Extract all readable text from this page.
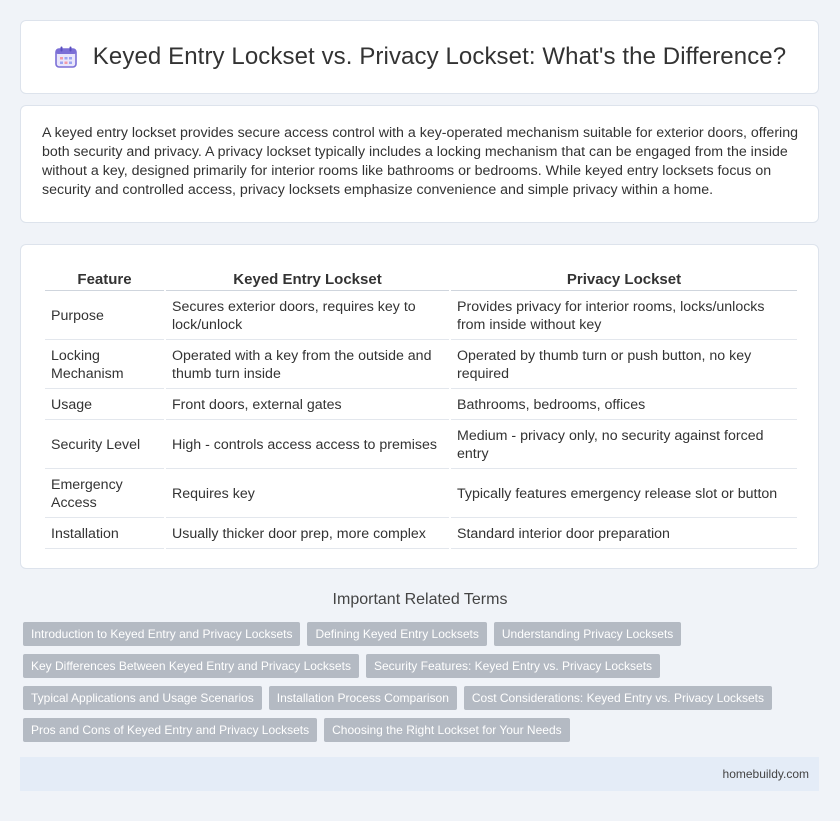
Keyed Entry Lockset vs. Privacy Lockset: What's the Difference?

A keyed entry lockset provides secure access control with a key-operated mechanism suitable for exterior doors, offering both security and privacy. A privacy lockset typically includes a locking mechanism that can be engaged from the inside without a key, designed primarily for interior rooms like bathrooms or bedrooms. While keyed entry locksets focus on security and controlled access, privacy locksets emphasize convenience and simple privacy within a home.

Feature	Keyed Entry Lockset	Privacy Lockset
Purpose	Secures exterior doors, requires key to lock/unlock	Provides privacy for interior rooms, locks/unlocks from inside without key
Locking Mechanism	Operated with a key from the outside and thumb turn inside	Operated by thumb turn or push button, no key required
Usage	Front doors, external gates	Bathrooms, bedrooms, offices
Security Level	High - controls access access to premises	Medium - privacy only, no security against forced entry
Emergency Access	Requires key	Typically features emergency release slot or button
Installation	Usually thicker door prep, more complex	Standard interior door preparation
Important Related Terms
Introduction to Keyed Entry and Privacy Locksets	Defining Keyed Entry Locksets	Understanding Privacy Locksets
Key Differences Between Keyed Entry and Privacy Locksets	Security Features: Keyed Entry vs. Privacy Locksets
Typical Applications and Usage Scenarios	Installation Process Comparison	Cost Considerations: Keyed Entry vs. Privacy Locksets
Pros and Cons of Keyed Entry and Privacy Locksets	Choosing the Right Lockset for Your Needs
homebuildy.com
